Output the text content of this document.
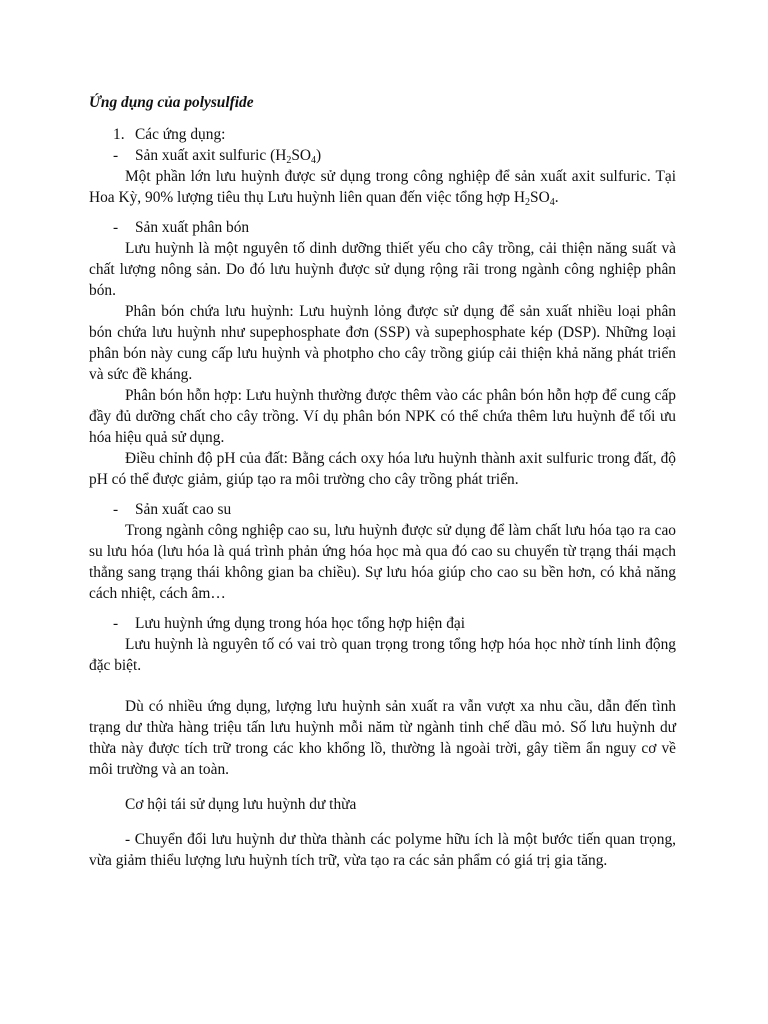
Ứng dụng của polysulfide
1. Các ứng dụng:
- Sản xuất axit sulfuric $(H_2SO_4)$

Một phần lớn lưu huỳnh được sử dụng trong công nghiệp để sản xuất axit sulfuric. Tại Hoa Kỳ, 90% lượng tiêu thụ Lưu huỳnh liên quan đến việc tổng hợp $H_2SO_4$.

- Sản xuất phân bón

Lưu huỳnh là một nguyên tố dinh dưỡng thiết yếu cho cây trồng, cải thiện năng suất và chất lượng nông sản. Do đó lưu huỳnh được sử dụng rộng rãi trong ngành công nghiệp phân bón.

Phân bón chứa lưu huỳnh: Lưu huỳnh lỏng được sử dụng để sản xuất nhiều loại phân bón chứa lưu huỳnh như supephosphate đơn (SSP) và supephosphate kép (DSP). Những loại phân bón này cung cấp lưu huỳnh và photpho cho cây trồng giúp cải thiện khả năng phát triển và sức đề kháng.

Phân bón hỗn hợp: Lưu huỳnh thường được thêm vào các phân bón hỗn hợp để cung cấp đầy đủ dưỡng chất cho cây trồng. Ví dụ phân bón NPK có thể chứa thêm lưu huỳnh để tối ưu hóa hiệu quả sử dụng.

Điều chỉnh độ pH của đất: Bằng cách oxy hóa lưu huỳnh thành axit sulfuric trong đất, độ pH có thể được giảm, giúp tạo ra môi trường cho cây trồng phát triển.

- Sản xuất cao su

Trong ngành công nghiệp cao su, lưu huỳnh được sử dụng để làm chất lưu hóa tạo ra cao su lưu hóa (lưu hóa là quá trình phản ứng hóa học mà qua đó cao su chuyển từ trạng thái mạch thẳng sang trạng thái không gian ba chiều). Sự lưu hóa giúp cho cao su bền hơn, có khả năng cách nhiệt, cách âm…

- Lưu huỳnh ứng dụng trong hóa học tổng hợp hiện đại

Lưu huỳnh là nguyên tố có vai trò quan trọng trong tổng hợp hóa học nhờ tính linh động đặc biệt.

Dù có nhiều ứng dụng, lượng lưu huỳnh sản xuất ra vẫn vượt xa nhu cầu, dẫn đến tình trạng dư thừa hàng triệu tấn lưu huỳnh mỗi năm từ ngành tinh chế dầu mỏ. Số lưu huỳnh dư thừa này được tích trữ trong các kho khổng lồ, thường là ngoài trời, gây tiềm ẩn nguy cơ về môi trường và an toàn.

Cơ hội tái sử dụng lưu huỳnh dư thừa

- Chuyển đổi lưu huỳnh dư thừa thành các polyme hữu ích là một bước tiến quan trọng, vừa giảm thiểu lượng lưu huỳnh tích trữ, vừa tạo ra các sản phẩm có giá trị gia tăng.
